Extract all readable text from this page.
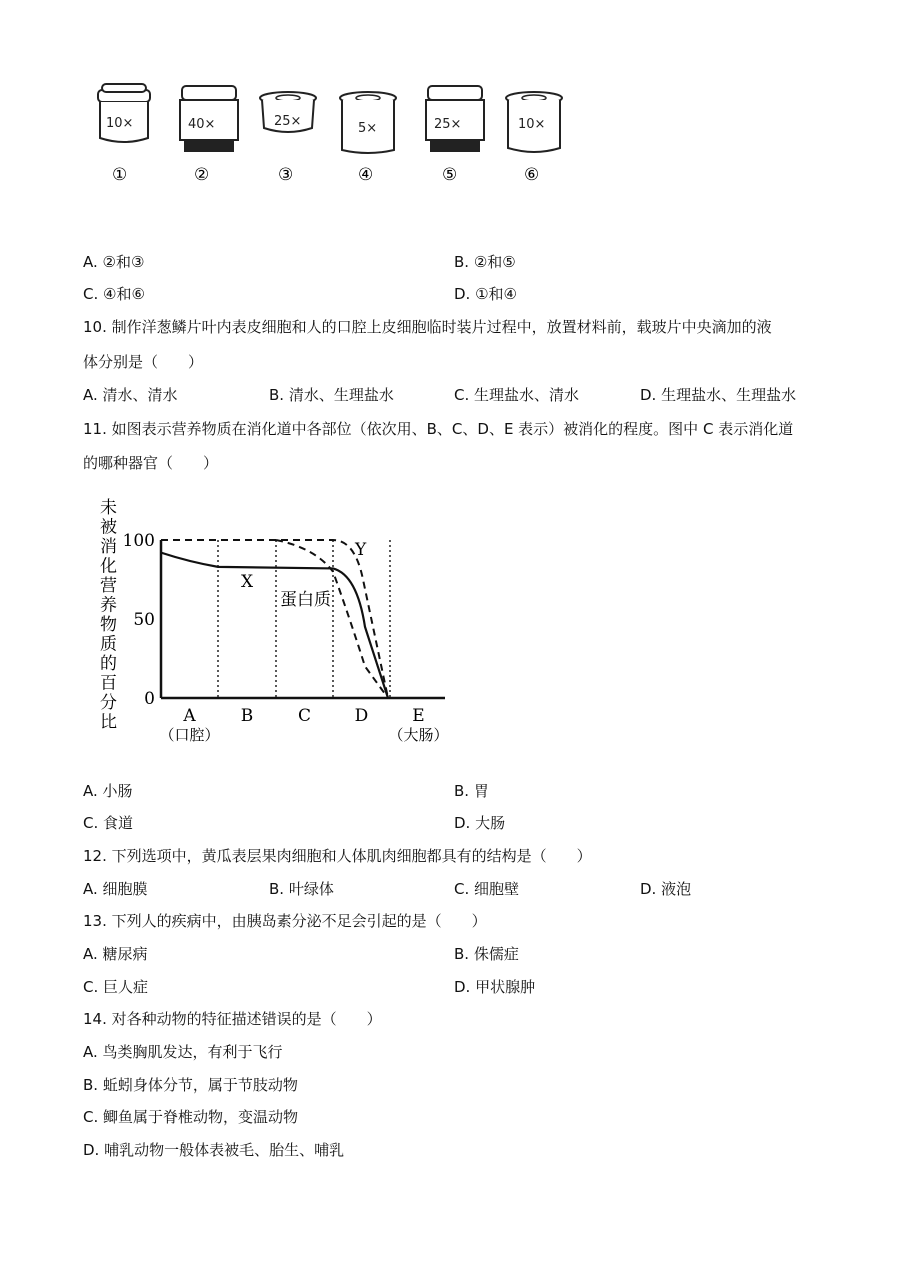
10×
①
40×
②
25×
③
5×
④
25×
⑤
10×
⑥
A. ②和③	B. ②和⑤
C. ④和⑥	D. ①和④
10. 制作洋葱鳞片叶内表皮细胞和人的口腔上皮细胞临时装片过程中，放置材料前，载玻片中央滴加的液
体分别是（　　）
A. 清水、清水	B. 清水、生理盐水	C. 生理盐水、清水	D. 生理盐水、生理盐水
11. 如图表示营养物质在消化道中各部位（依次用、B、C、D、E 表示）被消化的程度。图中 C 表示消化道
的哪种器官（　　）
未
被
消
化
营
养
物
质
的
百
分
比
100
50
0
X
蛋白质
Y
A
（口腔）
B	C	D	E
（大肠）
A. 小肠	B. 胃
C. 食道	D. 大肠
12. 下列选项中，黄瓜表层果肉细胞和人体肌肉细胞都具有的结构是（　　）
A. 细胞膜	B. 叶绿体	C. 细胞壁	D. 液泡
13. 下列人的疾病中，由胰岛素分泌不足会引起的是（　　）
A. 糖尿病	B. 侏儒症
C. 巨人症	D. 甲状腺肿
14. 对各种动物的特征描述错误的是（　　）
A. 鸟类胸肌发达，有利于飞行
B. 蚯蚓身体分节，属于节肢动物
C. 鲫鱼属于脊椎动物，变温动物
D. 哺乳动物一般体表被毛、胎生、哺乳
